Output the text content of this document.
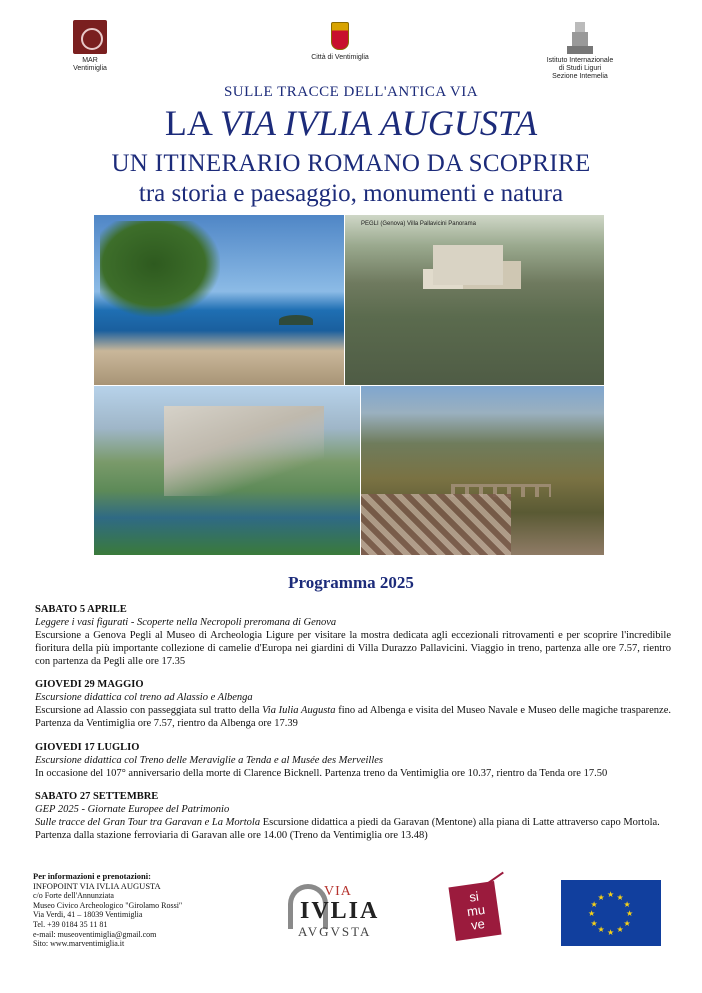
MAR
Ventimiglia
Città di Ventimiglia	Istituto Internazionale
di Studi Liguri
Sezione Intemelia
SULLE TRACCE DELL'ANTICA VIA
LA VIA IVLIA AUGUSTA
UN ITINERARIO ROMANO DA SCOPRIRE
tra storia e paesaggio, monumenti e natura
PEGLI (Genova) Villa Pallavicini Panorama
Programma 2025
SABATO 5 APRILE
Leggere i vasi figurati - Scoperte nella Necropoli preromana di Genova
Escursione a Genova Pegli al Museo di Archeologia Ligure per visitare la mostra dedicata agli eccezionali ritrovamenti e per scoprire l'incredibile fioritura della più importante collezione di camelie d'Europa nei giardini di Villa Durazzo Pallavicini. Viaggio in treno, partenza alle ore 7.57, rientro con partenza da Pegli alle ore 17.35
GIOVEDI 29 MAGGIO
Escursione didattica col treno ad Alassio e Albenga
Escursione ad Alassio con passeggiata sul tratto della Via Iulia Augusta fino ad Albenga e visita del Museo Navale e Museo delle magiche trasparenze. Partenza da Ventimiglia ore 7.57, rientro da Albenga ore 17.39
GIOVEDI 17 LUGLIO
Escursione didattica col Treno delle Meraviglie a Tenda e al Musée des Merveilles
In occasione del 107° anniversario della morte di Clarence Bicknell. Partenza treno da Ventimiglia ore 10.37, rientro da Tenda ore 17.50
SABATO 27 SETTEMBRE
GEP 2025 - Giornate Europee del Patrimonio
Sulle tracce del Gran Tour tra Garavan e La Mortola Escursione didattica a piedi da Garavan (Mentone) alla piana di Latte attraverso capo Mortola.
Partenza dalla stazione ferroviaria di Garavan alle ore 14.00 (Treno da Ventimiglia ore 13.48)
Per informazioni e prenotazioni:
INFOPOINT VIA IVLIA AUGUSTA
c/o Forte dell'Annunziata
Museo Civico Archeologico "Girolamo Rossi"
Via Verdi, 41 – 18039 Ventimiglia
Tel. +39 0184 35 11 81
e-mail: museoventimiglia@gmail.com
Sito: www.marventimiglia.it
VIA
IVLIA
AVGVSTA
si
mu
ve
★ ★
★
★
★
★
★
★
★
★
★
★
